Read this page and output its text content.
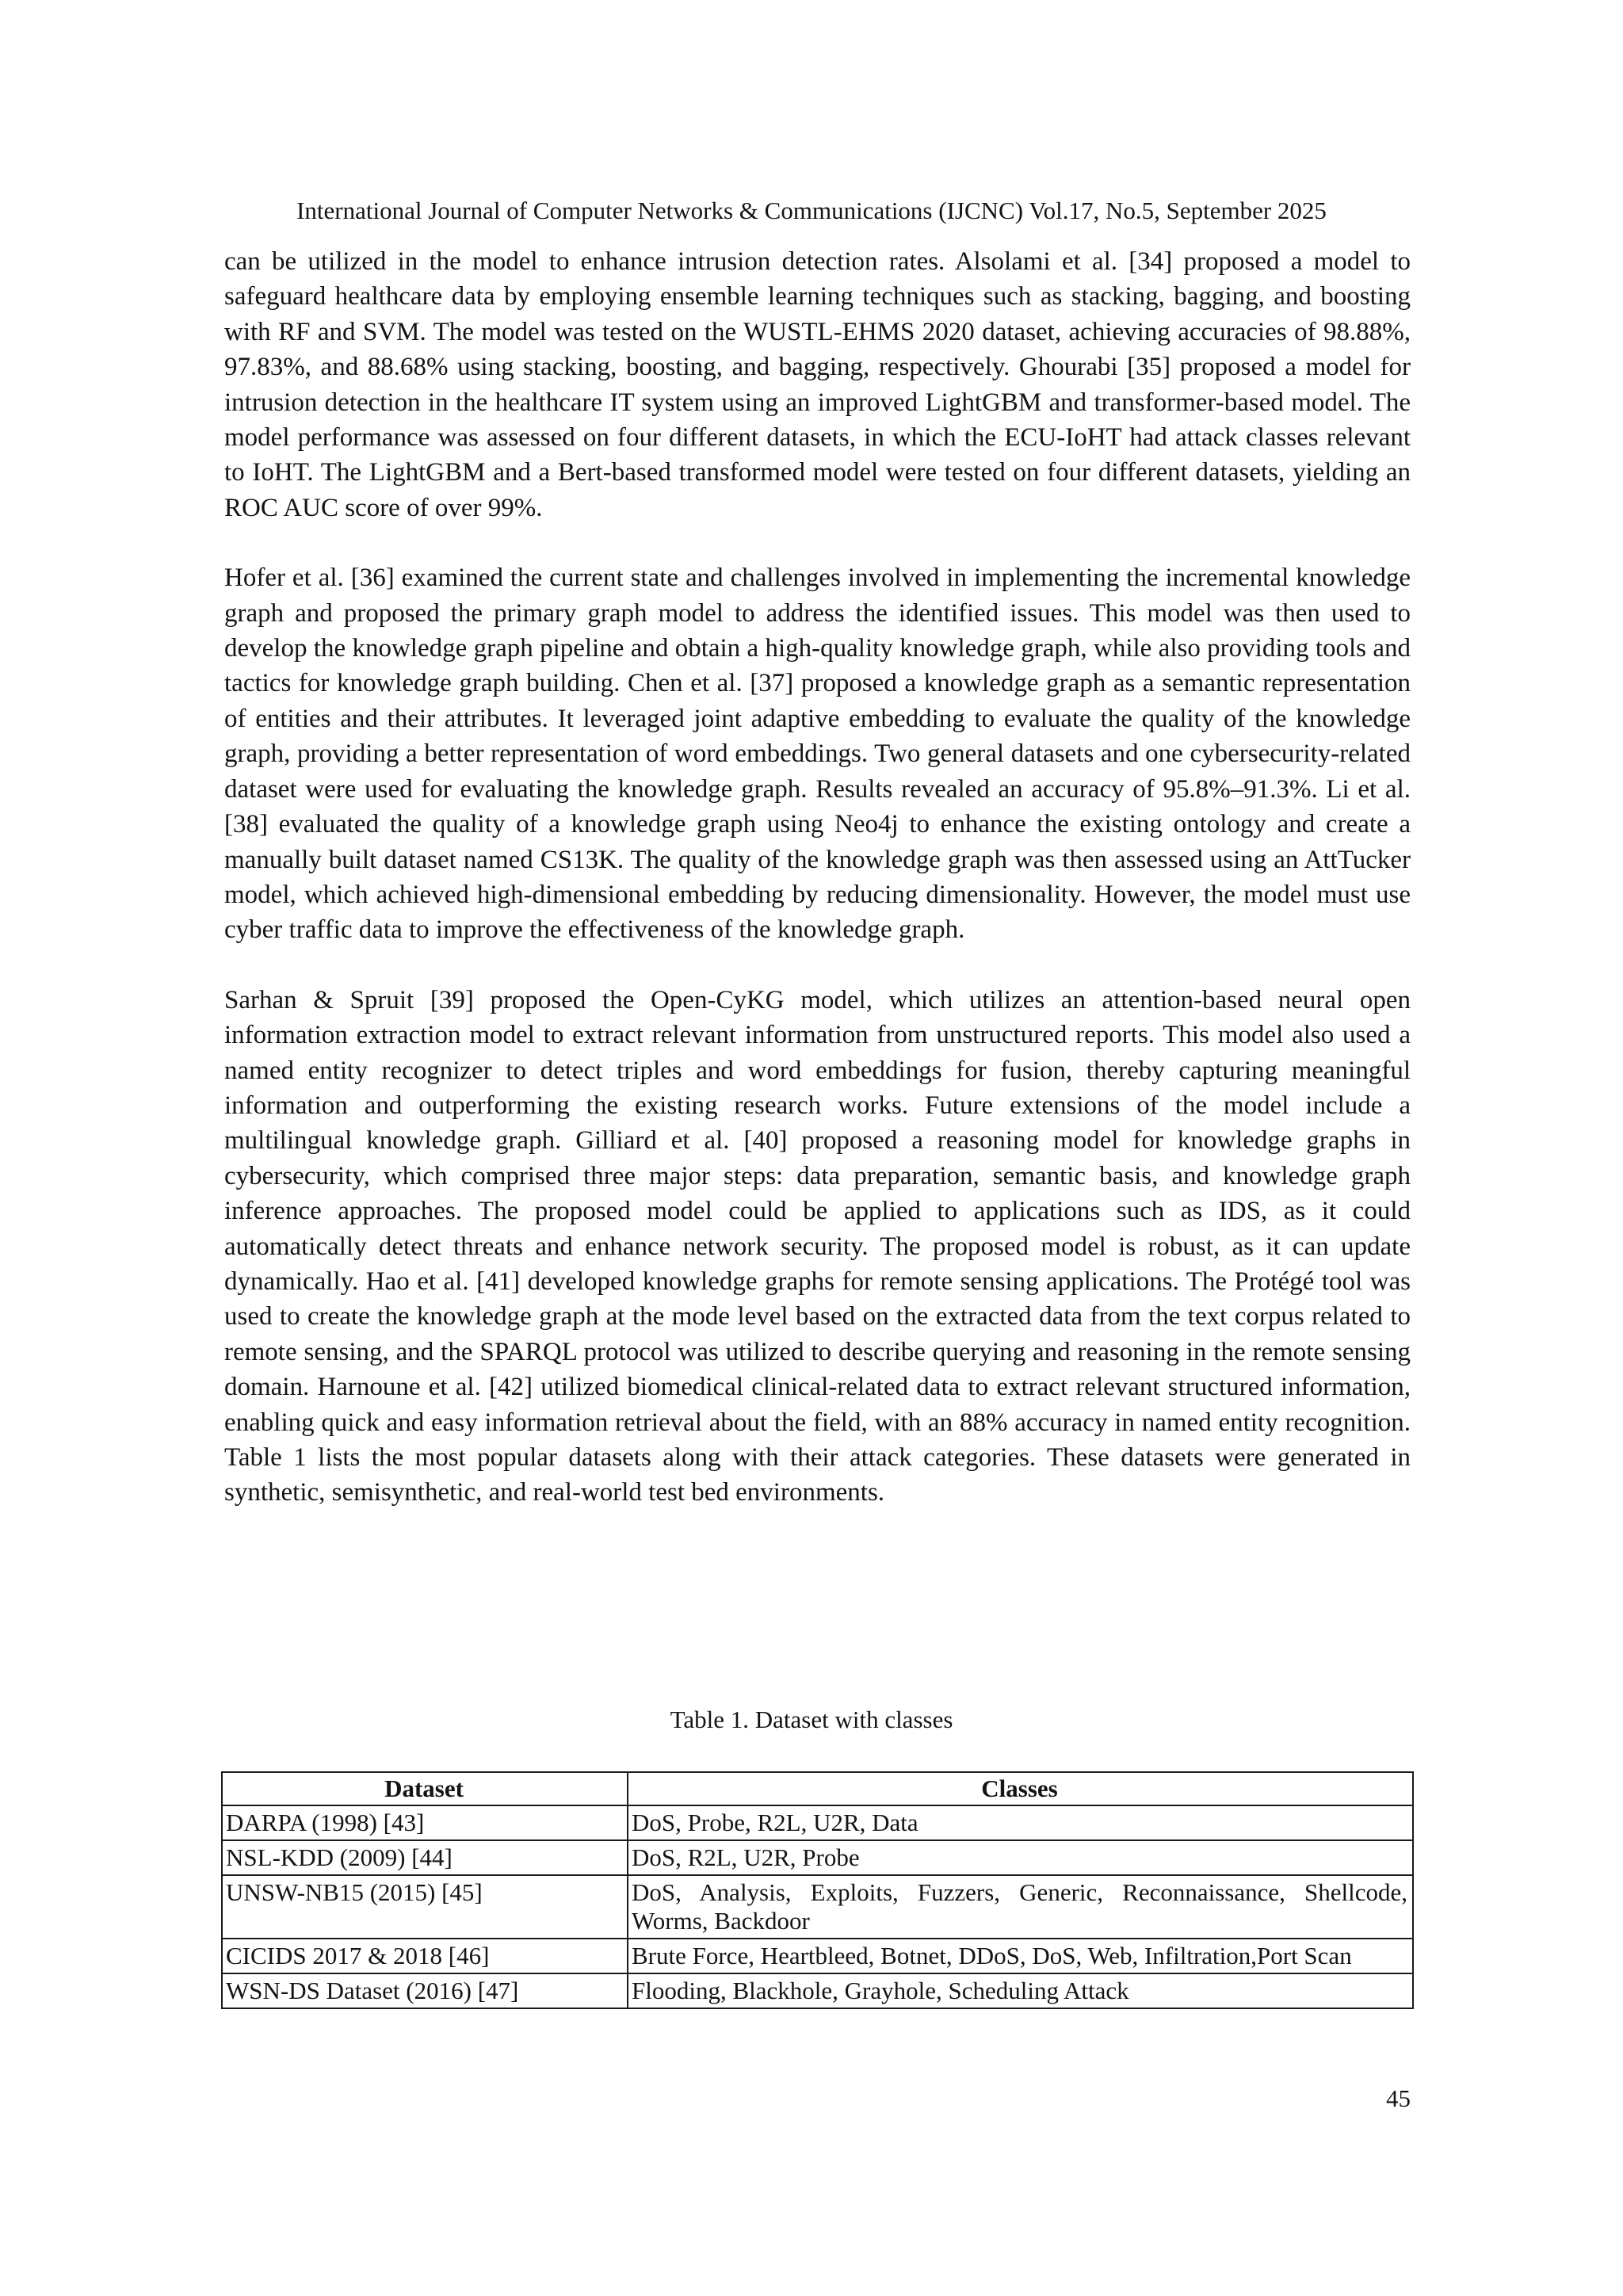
International Journal of Computer Networks & Communications (IJCNC) Vol.17, No.5, September 2025

can be utilized in the model to enhance intrusion detection rates. Alsolami et al. [34] proposed a model to safeguard healthcare data by employing ensemble learning techniques such as stacking, bagging, and boosting with RF and SVM. The model was tested on the WUSTL-EHMS 2020 dataset, achieving accuracies of 98.88%, 97.83%, and 88.68% using stacking, boosting, and bagging, respectively. Ghourabi [35] proposed a model for intrusion detection in the healthcare IT system using an improved LightGBM and transformer-based model. The model performance was assessed on four different datasets, in which the ECU-IoHT had attack classes relevant to IoHT. The LightGBM and a Bert-based transformed model were tested on four different datasets, yielding an ROC AUC score of over 99%.

Hofer et al. [36] examined the current state and challenges involved in implementing the incremental knowledge graph and proposed the primary graph model to address the identified issues. This model was then used to develop the knowledge graph pipeline and obtain a high-quality knowledge graph, while also providing tools and tactics for knowledge graph building. Chen et al. [37] proposed a knowledge graph as a semantic representation of entities and their attributes. It leveraged joint adaptive embedding to evaluate the quality of the knowledge graph, providing a better representation of word embeddings. Two general datasets and one cybersecurity-related dataset were used for evaluating the knowledge graph. Results revealed an accuracy of 95.8%–91.3%. Li et al. [38] evaluated the quality of a knowledge graph using Neo4j to enhance the existing ontology and create a manually built dataset named CS13K. The quality of the knowledge graph was then assessed using an AttTucker model, which achieved high-dimensional embedding by reducing dimensionality. However, the model must use cyber traffic data to improve the effectiveness of the knowledge graph.

Sarhan & Spruit [39] proposed the Open-CyKG model, which utilizes an attention-based neural open information extraction model to extract relevant information from unstructured reports. This model also used a named entity recognizer to detect triples and word embeddings for fusion, thereby capturing meaningful information and outperforming the existing research works. Future extensions of the model include a multilingual knowledge graph. Gilliard et al. [40] proposed a reasoning model for knowledge graphs in cybersecurity, which comprised three major steps: data preparation, semantic basis, and knowledge graph inference approaches. The proposed model could be applied to applications such as IDS, as it could automatically detect threats and enhance network security. The proposed model is robust, as it can update dynamically. Hao et al. [41] developed knowledge graphs for remote sensing applications. The Protégé tool was used to create the knowledge graph at the mode level based on the extracted data from the text corpus related to remote sensing, and the SPARQL protocol was utilized to describe querying and reasoning in the remote sensing domain. Harnoune et al. [42] utilized biomedical clinical-related data to extract relevant structured information, enabling quick and easy information retrieval about the field, with an 88% accuracy in named entity recognition. Table 1 lists the most popular datasets along with their attack categories. These datasets were generated in synthetic, semisynthetic, and real-world test bed environments.

Table 1. Dataset with classes
Dataset	Classes
DARPA (1998) [43]	DoS, Probe, R2L, U2R, Data
NSL-KDD (2009) [44]	DoS, R2L, U2R, Probe
UNSW-NB15 (2015) [45]	DoS, Analysis, Exploits, Fuzzers, Generic, Reconnaissance, Shellcode, Worms, Backdoor
CICIDS 2017 & 2018 [46]	Brute Force, Heartbleed, Botnet, DDoS, DoS, Web, Infiltration,Port Scan
WSN-DS Dataset (2016) [47]	Flooding, Blackhole, Grayhole, Scheduling Attack
45
